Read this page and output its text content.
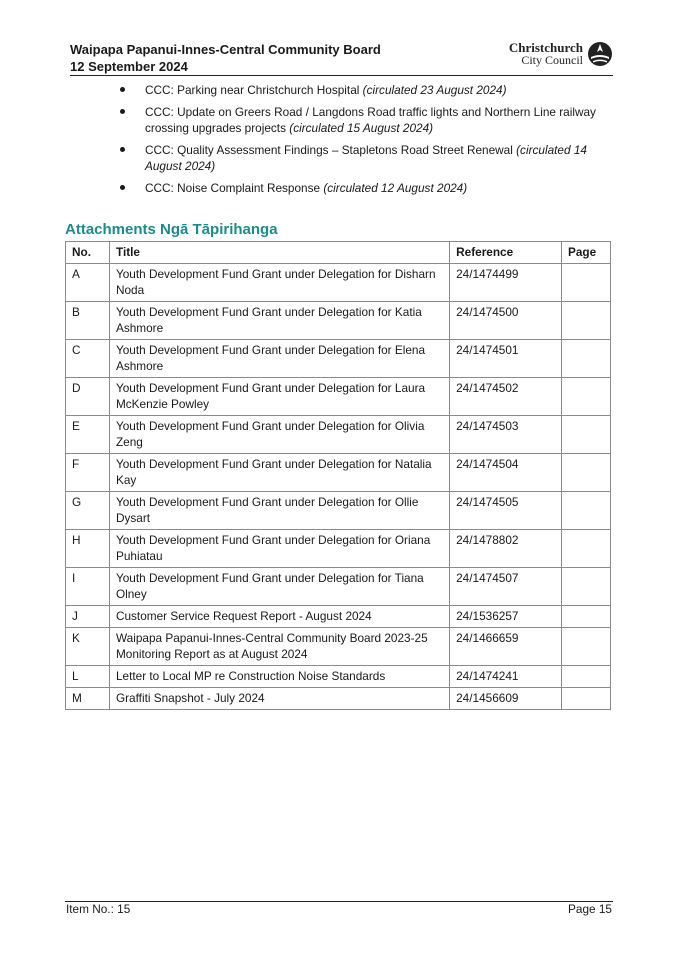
Waipapa Papanui-Innes-Central Community Board
12 September 2024
Christchurch
City Council
CCC: Parking near Christchurch Hospital (circulated 23 August 2024)
CCC: Update on Greers Road / Langdons Road traffic lights and Northern Line railway crossing upgrades projects (circulated 15 August 2024)
CCC: Quality Assessment Findings – Stapletons Road Street Renewal (circulated 14 August 2024)
CCC: Noise Complaint Response (circulated 12 August 2024)
Attachments Ngā Tāpirihanga
No.	Title	Reference	Page
A	Youth Development Fund Grant under Delegation for Disharn Noda	24/1474499	
B	Youth Development Fund Grant under Delegation for Katia Ashmore	24/1474500	
C	Youth Development Fund Grant under Delegation for Elena Ashmore	24/1474501	
D	Youth Development Fund Grant under Delegation for Laura McKenzie Powley	24/1474502	
E	Youth Development Fund Grant under Delegation for Olivia Zeng	24/1474503	
F	Youth Development Fund Grant under Delegation for Natalia Kay	24/1474504	
G	Youth Development Fund Grant under Delegation for Ollie Dysart	24/1474505	
H	Youth Development Fund Grant under Delegation for Oriana Puhiatau	24/1478802	
I	Youth Development Fund Grant under Delegation for Tiana Olney	24/1474507	
J	Customer Service Request Report - August 2024	24/1536257	
K	Waipapa Papanui-Innes-Central Community Board 2023-25 Monitoring Report as at August 2024	24/1466659	
L	Letter to Local MP re Construction Noise Standards	24/1474241	
M	Graffiti Snapshot - July 2024	24/1456609	
Item No.: 15	Page 15
